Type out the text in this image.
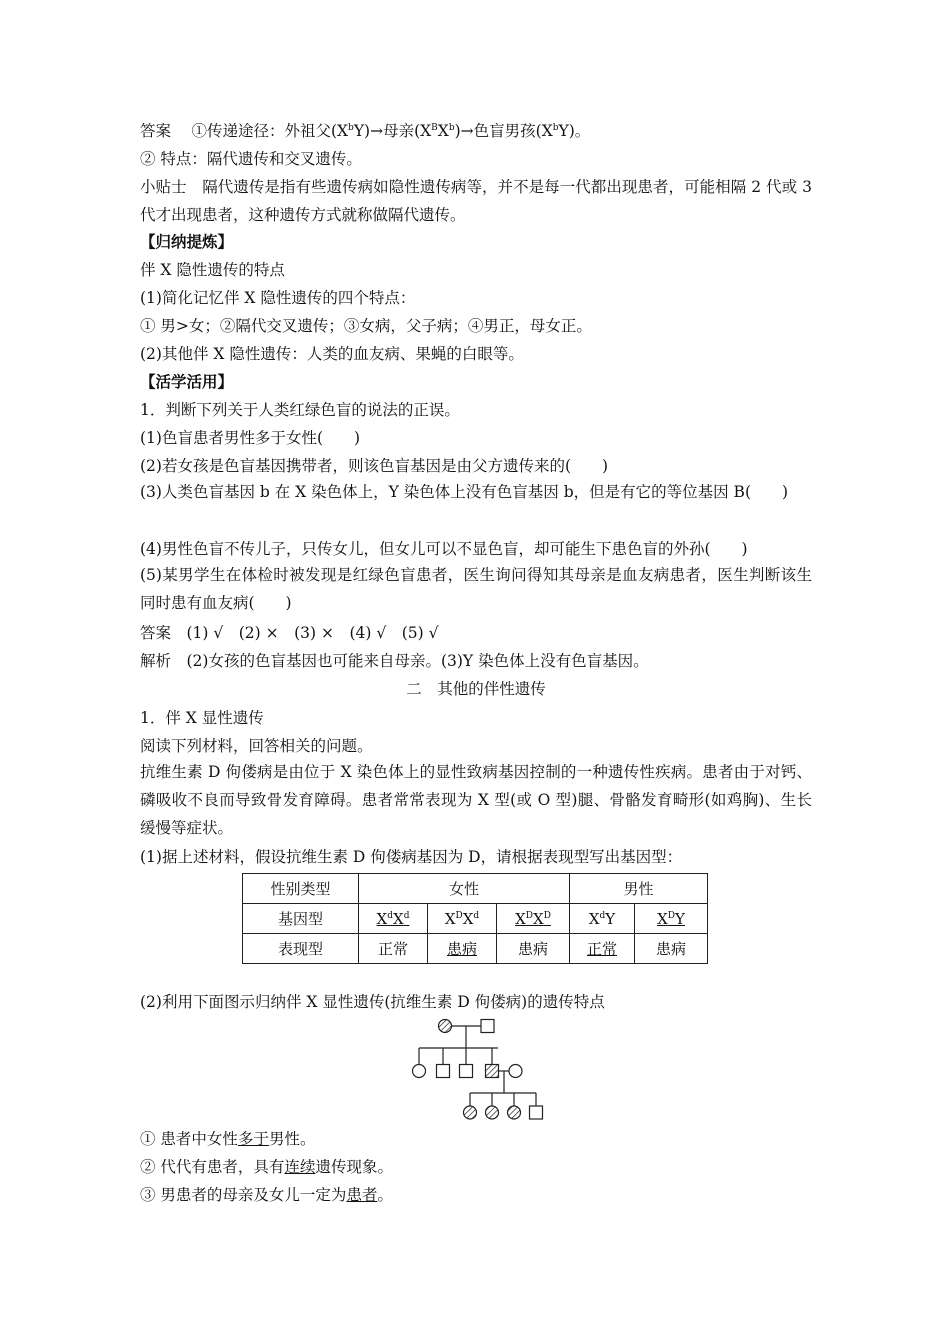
答案　 ①传递途径：外祖父$(X^bY)\to$母亲$(X^BX^b)\to$色盲男孩$(X^bY)$。
② 特点：隔代遗传和交叉遗传。
小贴士　 隔代遗传是指有些遗传病如隐性遗传病等，并不是每一代都出现患者，可能相隔 2 代或 3 代才出现患者，这种遗传方式就称做隔代遗传。
【归纳提炼】
伴 X 隐性遗传的特点
(1)简化记忆伴 X 隐性遗传的四个特点：
① 男>女；②隔代交叉遗传；③女病，父子病；④男正，母女正。
(2)其他伴 X 隐性遗传：人类的血友病、果蝇的白眼等。
【活学活用】
1．判断下列关于人类红绿色盲的说法的正误。
(1)色盲患者男性多于女性(　　)
(2)若女孩是色盲基因携带者，则该色盲基因是由父方遗传来的(　　)
(3)人类色盲基因 b 在 X 染色体上，Y 染色体上没有色盲基因 b，但是有它的等位基因 B(　　)
(4)男性色盲不传儿子，只传女儿，但女儿可以不显色盲，却可能生下患色盲的外孙(　　)
(5)某男学生在体检时被发现是红绿色盲患者，医生询问得知其母亲是血友病患者，医生判断该生同时患有血友病(　　)
答案　(1) √　(2) ×　(3) ×　(4) √　(5) √
解析　(2)女孩的色盲基因也可能来自母亲。(3)Y 染色体上没有色盲基因。
二　其他的伴性遗传
1．伴 X 显性遗传
阅读下列材料，回答相关的问题。
抗维生素 D 佝偻病是由位于 X 染色体上的显性致病基因控制的一种遗传性疾病。患者由于对钙、磷吸收不良而导致骨发育障碍。患者常常表现为 X 型(或 O 型)腿、骨骼发育畸形(如鸡胸)、生长缓慢等症状。
(1)据上述材料，假设抗维生素 D 佝偻病基因为 D，请根据表现型写出基因型：
性别类型	女性			男性	
基因型	$X^dX^d$	$X^DX^d$	$X^DX^D$	$X^dY$	$X^DY$
表现型	正常	患病	患病	正常	患病
(2)利用下面图示归纳伴 X 显性遗传(抗维生素 D 佝偻病)的遗传特点
① 患者中女性多于男性。
② 代代有患者，具有连续遗传现象。
③ 男患者的母亲及女儿一定为患者。
